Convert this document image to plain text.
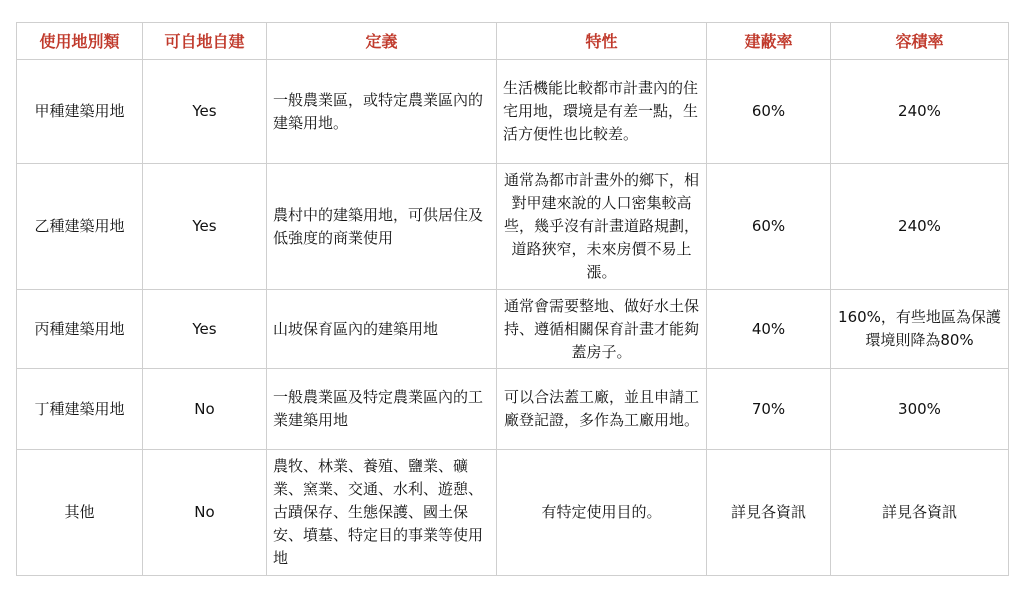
使用地別類	可自地自建	定義	特性	建蔽率	容積率
甲種建築用地	Yes	一般農業區，或特定農業區內的建築用地。	生活機能比較都市計畫內的住宅用地，環境是有差一點，生活方便性也比較差。	60%	240%
乙種建築用地	Yes	農村中的建築用地，可供居住及低強度的商業使用	通常為都市計畫外的鄉下，相對甲建來說的人口密集較高些，幾乎沒有計畫道路規劃，道路狹窄，未來房價不易上漲。	60%	240%
丙種建築用地	Yes	山坡保育區內的建築用地	通常會需要整地、做好水土保持、遵循相關保育計畫才能夠蓋房子。	40%	160%，有些地區為保護環境則降為80%
丁種建築用地	No	一般農業區及特定農業區內的工業建築用地	可以合法蓋工廠，並且申請工廠登記證，多作為工廠用地。	70%	300%
其他	No	農牧、林業、養殖、鹽業、礦業、窯業、交通、水利、遊憩、古蹟保存、生態保護、國土保安、墳墓、特定目的事業等使用地	有特定使用目的。	詳見各資訊	詳見各資訊
